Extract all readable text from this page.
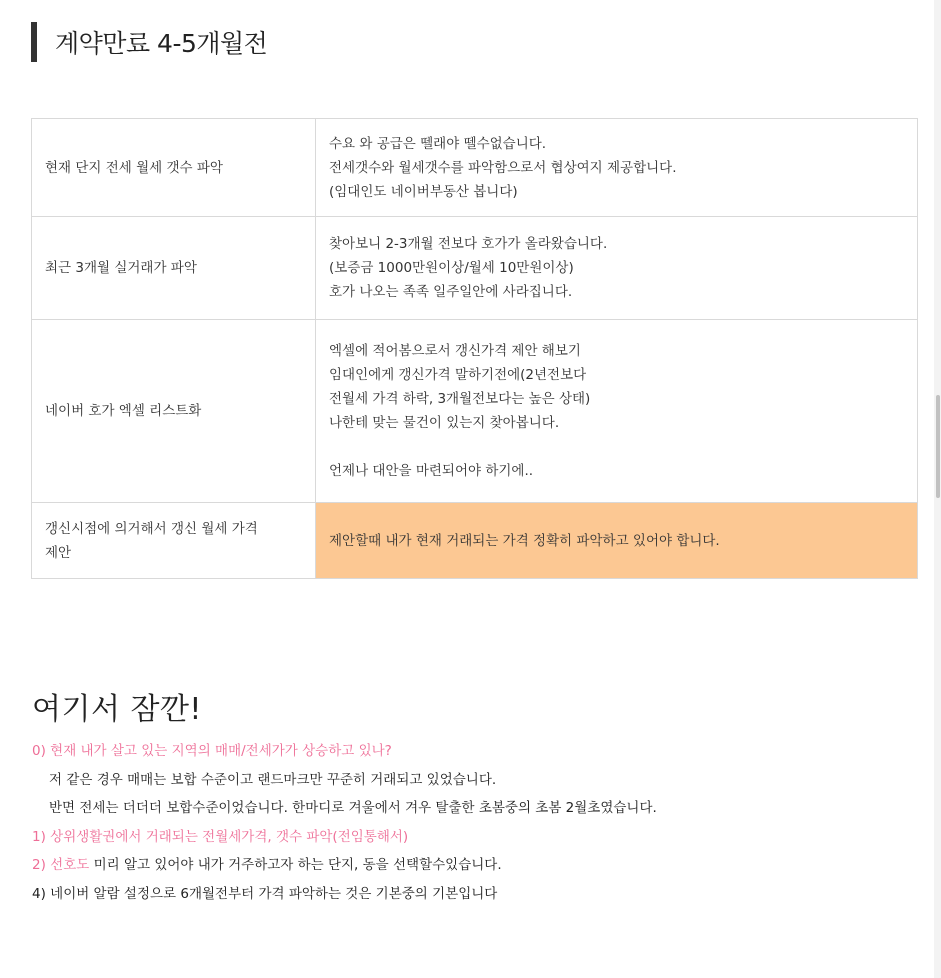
계약만료 4-5개월전
현재 단지 전세 월세 갯수 파악	수요 와 공급은 뗄래야 뗄수없습니다.
전세갯수와 월세갯수를 파악함으로서 협상여지 제공합니다.
(임대인도 네이버부동산 봅니다)

최근 3개월 실거래가 파악	찾아보니 2-3개월 전보다 호가가 올라왔습니다.
(보증금 1000만원이상/월세 10만원이상)
호가 나오는 족족 일주일안에 사라집니다.

네이버 호가 엑셀 리스트화	엑셀에 적어봄으로서 갱신가격 제안 해보기
임대인에게 갱신가격 말하기전에(2년전보다
전월세 가격 하락, 3개월전보다는 높은 상태)
나한테 맞는 물건이 있는지 찾아봅니다.
언제나 대안을 마련되어야 하기에..

갱신시점에 의거해서 갱신 월세 가격
제안	제안할때 내가 현재 거래되는 가격 정확히 파악하고 있어야 합니다.
여기서 잠깐!
0) 현재 내가 살고 있는 지역의 매매/전세가가 상승하고 있나?
저 같은 경우 매매는 보합 수준이고 랜드마크만 꾸준히 거래되고 있었습니다.
반면 전세는 더더더 보합수준이었습니다. 한마디로 겨울에서 겨우 탈출한 초봄중의 초봄 2월초였습니다.
1) 상위생활권에서 거래되는 전월세가격, 갯수 파악(전임통해서)
2) 선호도 미리 알고 있어야 내가 거주하고자 하는 단지, 동을 선택할수있습니다.
4) 네이버 알람 설정으로 6개월전부터 가격 파악하는 것은 기본중의 기본입니다
